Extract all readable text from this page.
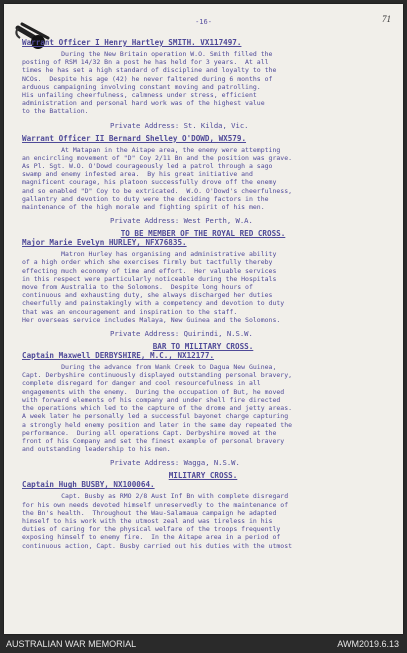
-16-	71
Warrant Officer I Henry Hartley SMITH. VX117497.
During the New Britain operation W.O. Smith filled the
posting of RSM 14/32 Bn a post he has held for 3 years.  At all
times he has set a high standard of discipline and loyalty to the
NCOs.  Despite his age (42) he never faltered during 6 months of
arduous campaigning involving constant moving and patrolling.
His unfailing cheerfulness, calmness under stress, efficient
administration and personal hard work was of the highest value
to the Battalion.
Private Address: St. Kilda, Vic.
Warrant Officer II Bernard Shelley O'DOWD, WX579.
At Matapan in the Aitape area, the enemy were attempting
an encircling movement of "D" Coy 2/11 Bn and the position was grave.
As Pl. Sgt. W.O. O'Dowd courageously led a patrol through a sago
swamp and enemy infested area.  By his great initiative and
magnificent courage, his platoon successfully drove off the enemy
and so enabled "D" Coy to be extricated.  W.O. O'Dowd's cheerfulness,
gallantry and devotion to duty were the deciding factors in the
maintenance of the high morale and fighting spirit of his men.
Private Address: West Perth, W.A.
TO BE MEMBER OF THE ROYAL RED CROSS.
Major Marie Evelyn HURLEY, NFX76835.
Matron Hurley has organising and administrative ability
of a high order which she exercises firmly but tactfully thereby
effecting much economy of time and effort.  Her valuable services
in this respect were particularly noticeable during the Hospitals
move from Australia to the Solomons.  Despite long hours of
continuous and exhausting duty, she always discharged her duties
cheerfully and painstakingly with a competency and devotion to duty
that was an encouragement and inspiration to the staff.
Her overseas service includes Malaya, New Guinea and the Solomons.
Private Address: Quirindi, N.S.W.
BAR TO MILITARY CROSS.
Captain Maxwell DERBYSHIRE, M.C., NX12177.
During the advance from Wank Creek to Dagua New Guinea,
Capt. Derbyshire continuously displayed outstanding personal bravery,
complete disregard for danger and cool resourcefulness in all
engagements with the enemy.  During the occupation of But, he moved
with forward elements of his company and under shell fire directed
the operations which led to the capture of the drome and jetty areas.
A week later he personally led a successful bayonet charge capturing
a strongly held enemy position and later in the same day repeated the
performance.  During all operations Capt. Derbyshire moved at the
front of his Company and set the finest example of personal bravery
and outstanding leadership to his men.
Private Address: Wagga, N.S.W.
MILITARY CROSS.
Captain Hugh BUSBY, NX100064.
Capt. Busby as RMO 2/8 Aust Inf Bn with complete disregard
for his own needs devoted himself unreservedly to the maintenance of
the Bn's health.  Throughout the Wau-Salamaua campaign he adapted
himself to his work with the utmost zeal and was tireless in his
duties of caring for the physical welfare of the troops frequently
exposing himself to enemy fire.  In the Aitape area in a period of
continuous action, Capt. Busby carried out his duties with the utmost
AUSTRALIAN WAR MEMORIAL	AWM2019.6.13
